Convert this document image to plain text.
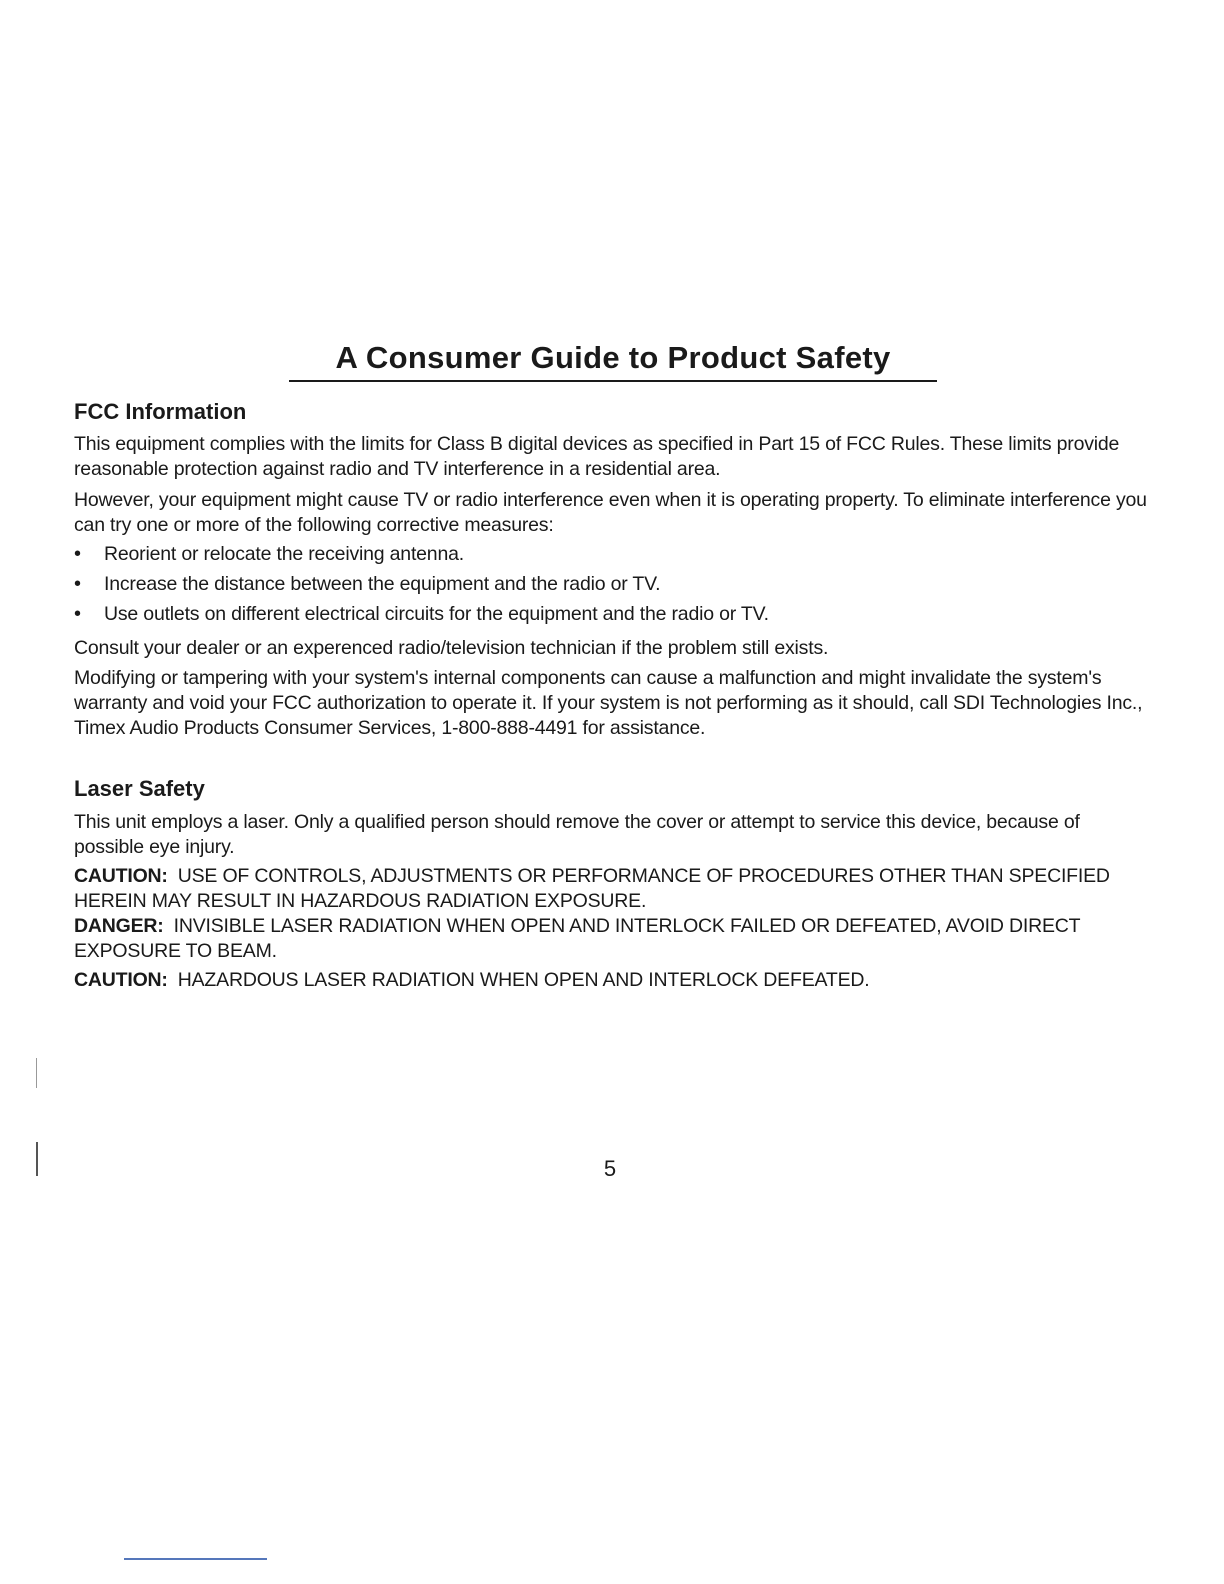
A Consumer Guide to Product Safety
FCC Information

This equipment complies with the limits for Class B digital devices as specified in Part 15 of FCC Rules. These limits provide reasonable protection against radio and TV interference in a residential area.

However, your equipment might cause TV or radio interference even when it is operating property. To eliminate interference you can try one or more of the following corrective measures:

• Reorient or relocate the receiving antenna.
• Increase the distance between the equipment and the radio or TV.
• Use outlets on different electrical circuits for the equipment and the radio or TV.

Consult your dealer or an experenced radio/television technician if the problem still exists.

Modifying or tampering with your system's internal components can cause a malfunction and might invalidate the system's warranty and void your FCC authorization to operate it. If your system is not performing as it should, call SDI Technologies Inc., Timex Audio Products Consumer Services, 1-800-888-4491 for assistance.

Laser Safety

This unit employs a laser. Only a qualified person should remove the cover or attempt to service this device, because of possible eye injury.

CAUTION: USE OF CONTROLS, ADJUSTMENTS OR PERFORMANCE OF PROCEDURES OTHER THAN SPECIFIED HEREIN MAY RESULT IN HAZARDOUS RADIATION EXPOSURE.

DANGER: INVISIBLE LASER RADIATION WHEN OPEN AND INTERLOCK FAILED OR DEFEATED, AVOID DIRECT EXPOSURE TO BEAM.

CAUTION: HAZARDOUS LASER RADIATION WHEN OPEN AND INTERLOCK DEFEATED.

5
